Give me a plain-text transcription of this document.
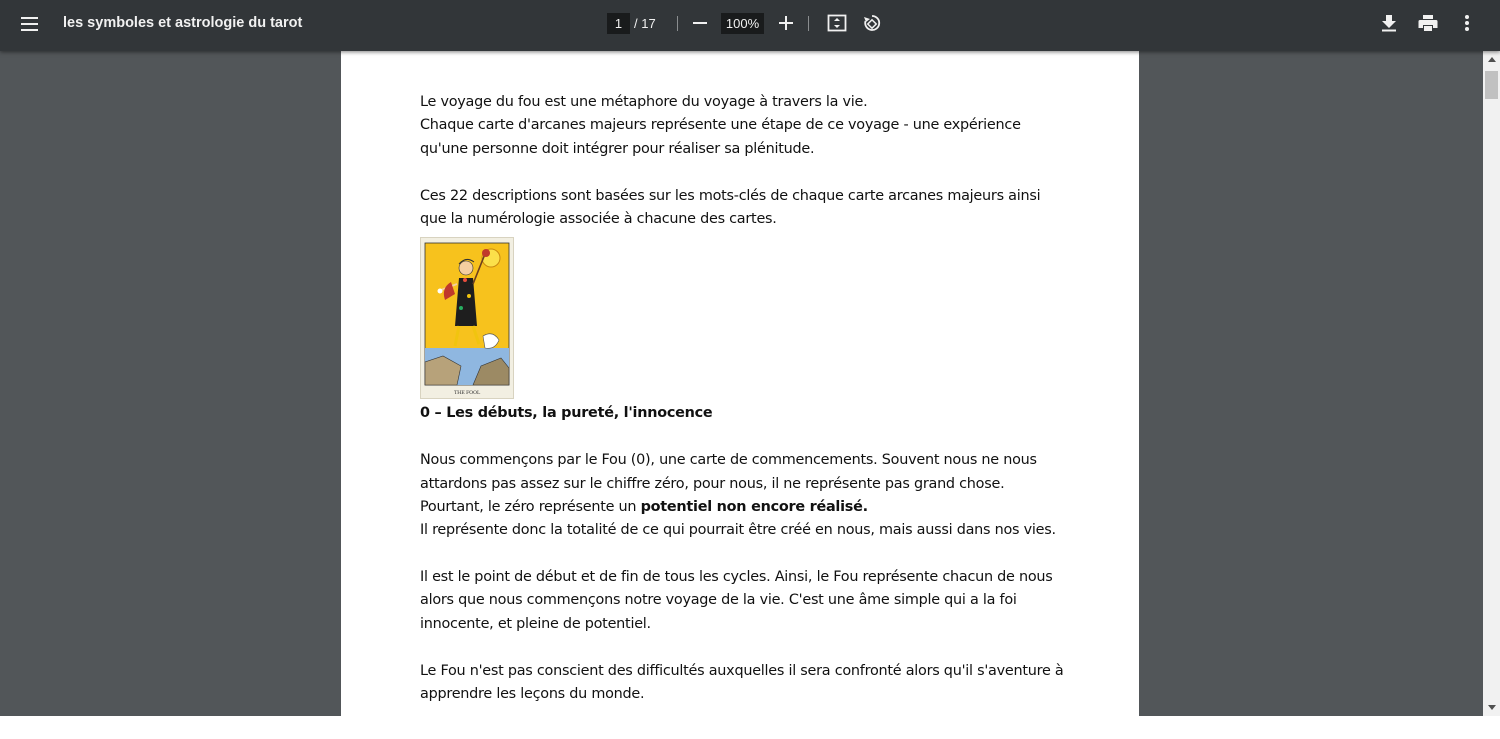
les symboles et astrologie du tarot	1 / 17	100%
Le voyage du fou est une métaphore du voyage à travers la vie.
Chaque carte d'arcanes majeurs représente une étape de ce voyage - une expérience
qu'une personne doit intégrer pour réaliser sa plénitude.
Ces 22 descriptions sont basées sur les mots-clés de chaque carte arcanes majeurs ainsi
que la numérologie associée à chacune des cartes.
THE FOOL
0 – Les débuts, la pureté, l'innocence
Nous commençons par le Fou (0), une carte de commencements. Souvent nous ne nous
attardons pas assez sur le chiffre zéro, pour nous, il ne représente pas grand chose.
Pourtant, le zéro représente un potentiel non encore réalisé.
Il représente donc la totalité de ce qui pourrait être créé en nous, mais aussi dans nos vies.
Il est le point de début et de fin de tous les cycles. Ainsi, le Fou représente chacun de nous
alors que nous commençons notre voyage de la vie. C'est une âme simple qui a la foi
innocente, et pleine de potentiel.
Le Fou n'est pas conscient des difficultés auxquelles il sera confronté alors qu'il s'aventure à
apprendre les leçons du monde.
